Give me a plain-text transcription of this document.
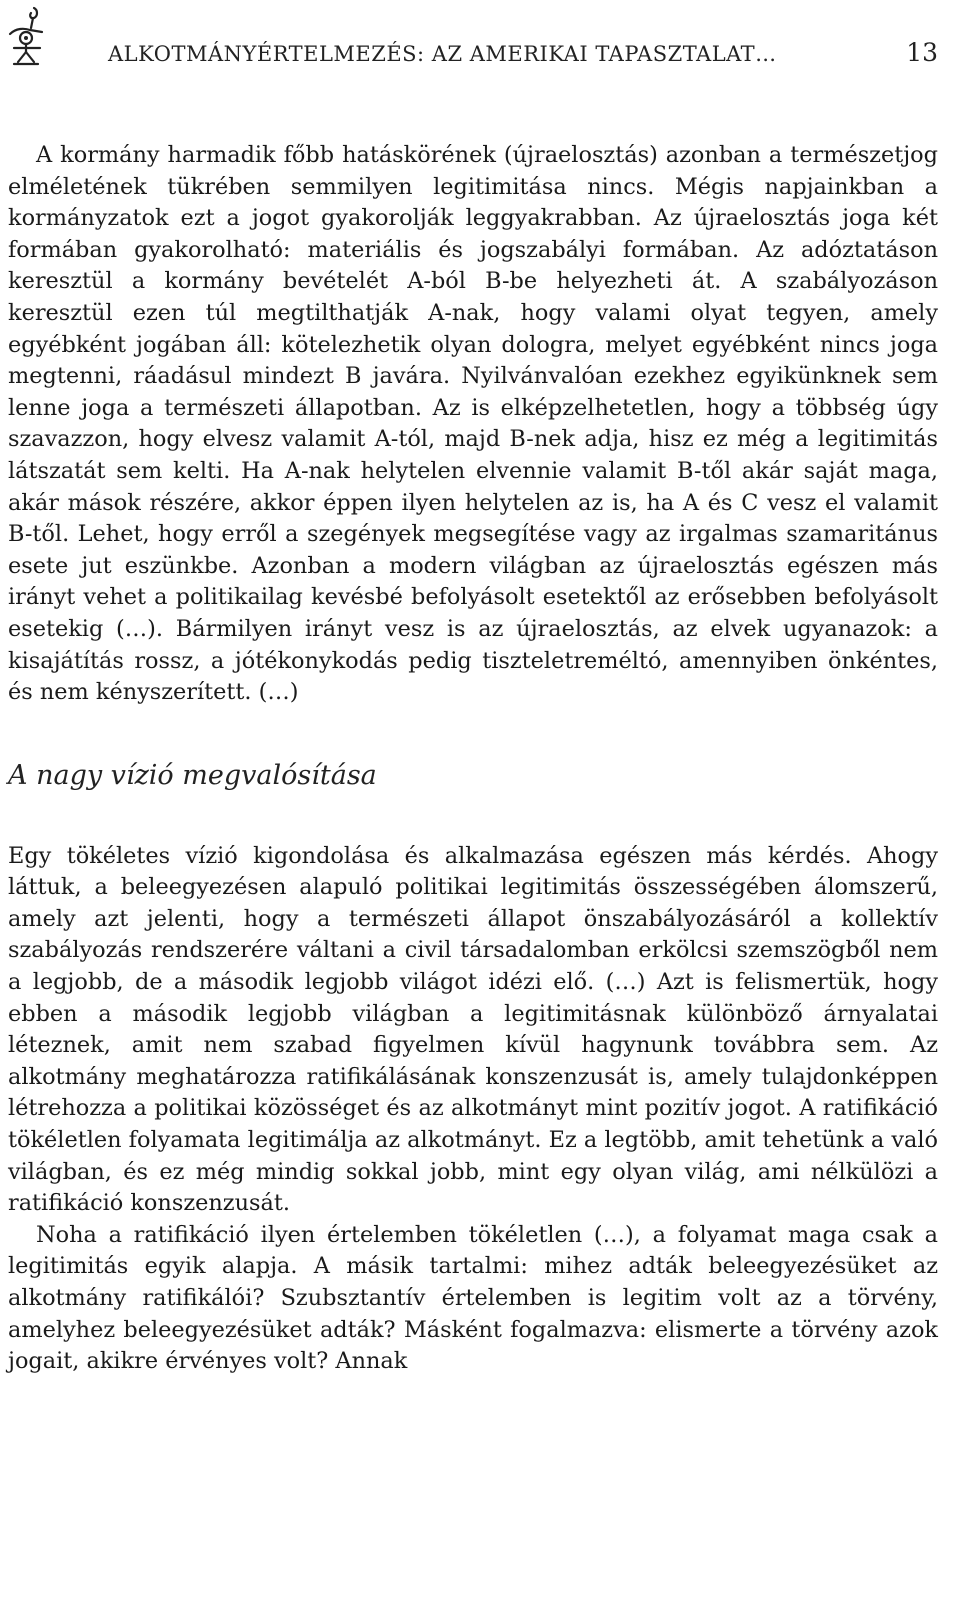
ALKOTMÁNYÉRTELMEZÉS: AZ AMERIKAI TAPASZTALAT…	13

A kormány harmadik főbb hatáskörének (újraelosztás) azonban a természetjog elméletének tükrében semmilyen legitimitása nincs. Mégis napjainkban a kormányzatok ezt a jogot gyakorolják leggyakrabban. Az újraelosztás joga két formában gyakorolható: materiális és jogszabályi formában. Az adóztatáson keresztül a kormány bevételét A-ból B-be helyezheti át. A szabályozáson keresztül ezen túl megtilthatják A-nak, hogy valami olyat tegyen, amely egyébként jogában áll: kötelezhetik olyan dologra, melyet egyébként nincs joga megtenni, ráadásul mindezt B javára. Nyilvánvalóan ezekhez egyikünknek sem lenne joga a természeti állapotban. Az is elképzelhetetlen, hogy a többség úgy szavazzon, hogy elvesz valamit A-tól, majd B-nek adja, hisz ez még a legitimitás látszatát sem kelti. Ha A-nak helytelen elvennie valamit B-től akár saját maga, akár mások részére, akkor éppen ilyen helytelen az is, ha A és C vesz el valamit B-től. Lehet, hogy erről a szegények megsegítése vagy az irgalmas szamaritánus esete jut eszünkbe. Azonban a modern világban az újraelosztás egészen más irányt vehet a politikailag kevésbé befolyásolt esetektől az erősebben befolyásolt esetekig (…). Bármilyen irányt vesz is az újraelosztás, az elvek ugyanazok: a kisajátítás rossz, a jótékonykodás pedig tiszteletreméltó, amennyiben önkéntes, és nem kényszerített. (…)

A nagy vízió megvalósítása

Egy tökéletes vízió kigondolása és alkalmazása egészen más kérdés. Ahogy láttuk, a beleegyezésen alapuló politikai legitimitás összességében álomszerű, amely azt jelenti, hogy a természeti állapot önszabályozásáról a kollektív szabályozás rendszerére váltani a civil társadalomban erkölcsi szemszögből nem a legjobb, de a második legjobb világot idézi elő. (…) Azt is felismertük, hogy ebben a második legjobb világban a legitimitásnak különböző árnyalatai léteznek, amit nem szabad figyelmen kívül hagynunk továbbra sem. Az alkotmány meghatározza ratifikálásának konszenzusát is, amely tulajdonképpen létrehozza a politikai közösséget és az alkotmányt mint pozitív jogot. A ratifikáció tökéletlen folyamata legitimálja az alkotmányt. Ez a legtöbb, amit tehetünk a való világban, és ez még mindig sokkal jobb, mint egy olyan világ, ami nélkülözi a ratifikáció konszenzusát.

Noha a ratifikáció ilyen értelemben tökéletlen (…), a folyamat maga csak a legitimitás egyik alapja. A másik tartalmi: mihez adták beleegyezésüket az alkotmány ratifikálói? Szubsztantív értelemben is legitim volt az a törvény, amelyhez beleegyezésüket adták? Másként fogalmazva: elismerte a törvény azok jogait, akikre érvényes volt? Annak
